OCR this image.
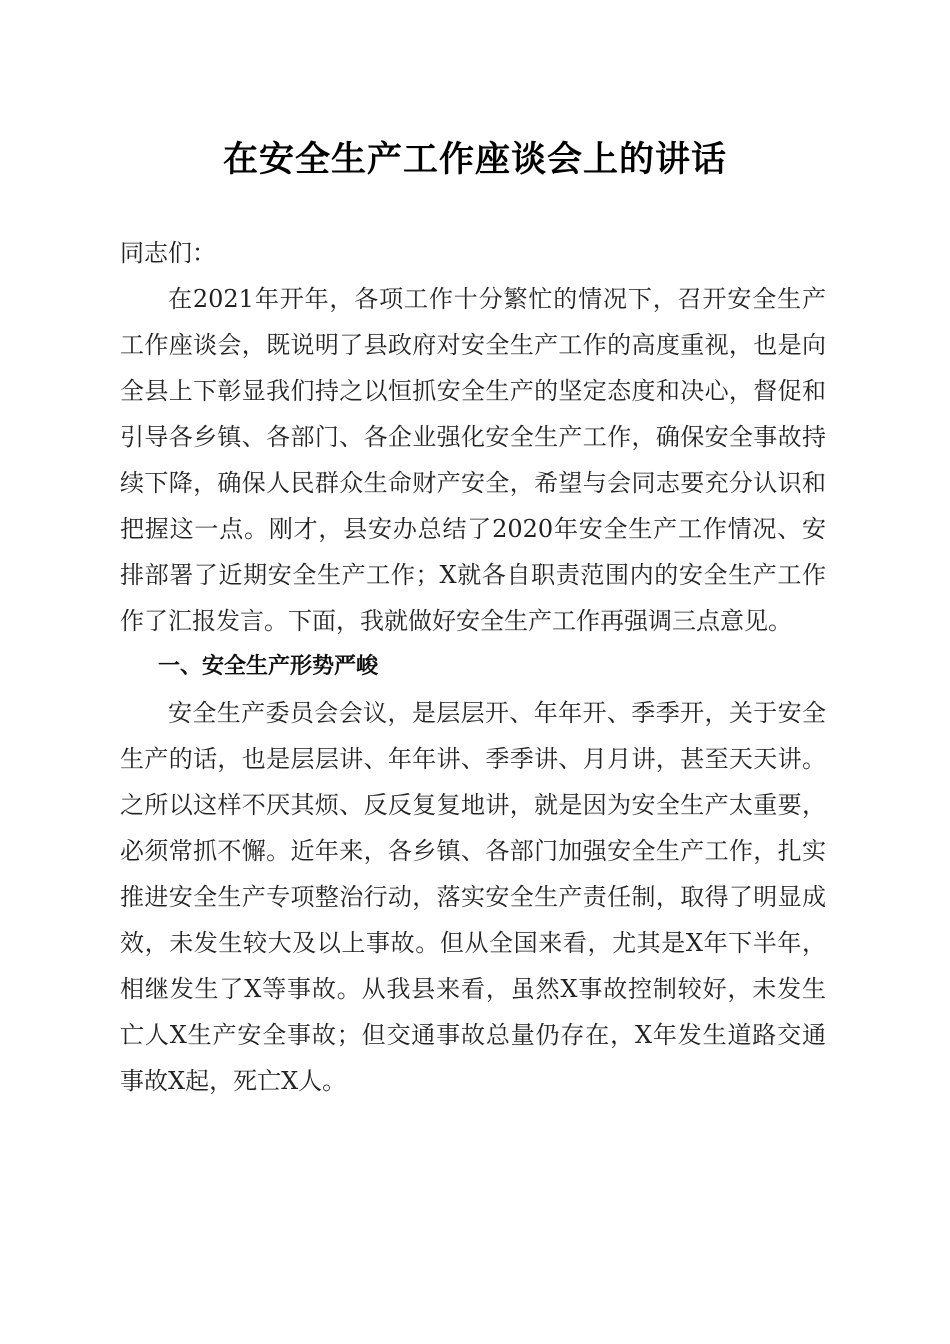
在安全生产工作座谈会上的讲话

同志们：

在2021年开年，各项工作十分繁忙的情况下，召开安全生产工作座谈会，既说明了县政府对安全生产工作的高度重视，也是向全县上下彰显我们持之以恒抓安全生产的坚定态度和决心，督促和引导各乡镇、各部门、各企业强化安全生产工作，确保安全事故持续下降，确保人民群众生命财产安全，希望与会同志要充分认识和把握这一点。刚才，县安办总结了2020年安全生产工作情况、安排部署了近期安全生产工作；X就各自职责范围内的安全生产工作作了汇报发言。下面，我就做好安全生产工作再强调三点意见。

一、安全生产形势严峻

安全生产委员会会议，是层层开、年年开、季季开，关于安全生产的话，也是层层讲、年年讲、季季讲、月月讲，甚至天天讲。之所以这样不厌其烦、反反复复地讲，就是因为安全生产太重要，必须常抓不懈。近年来，各乡镇、各部门加强安全生产工作，扎实推进安全生产专项整治行动，落实安全生产责任制，取得了明显成效，未发生较大及以上事故。但从全国来看，尤其是X年下半年，相继发生了X等事故。从我县来看，虽然X事故控制较好，未发生亡人X生产安全事故；但交通事故总量仍存在，X年发生道路交通事故X起，死亡X人。
